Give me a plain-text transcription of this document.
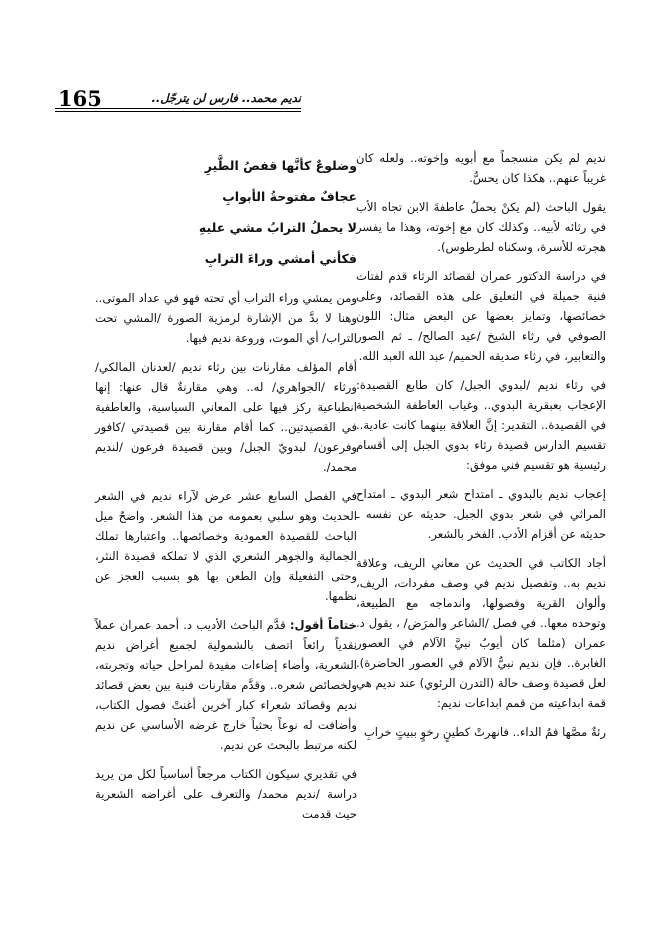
165	نديم محمد.. فارس لن يترجّل..

نديم لم يكن منسجماً مع أبويه وإخوته.. ولعله كان غريباً عنهم.. هكذا كان يحسُّ.

يقول الباحث (لم يكنْ يحملُ عاطفةَ الابن تجاه الأب في رثائه لأبيه.. وكذلك كان مع إخوته، وهذا ما يفسر هجرته للأسرة، وسكناه لطرطوس).

في دراسة الدكتور عمران لقصائد الرثاء قدم لفتات فنية جميلة في التعليق على هذه القصائد، وعلى خصائصها، وتمايز بعضها عن البعض مثال: اللون الصوفي في رثاء الشيخ /عيد الصالح/ ـ ثم الصور والتعابير، في رثاء صديقه الحميم/ عبد الله العبد الله.

في رثاء نديم /لبدوي الجبل/ كان طابع القصيدة: الإعجاب بعبقرية البدوي.. وغياب العاطفة الشخصية في القصيدة.. التقدير: إنَّ العلاقة بينهما كانت عادية.. تقسيم الدارس قصيدة رثاء بدوي الجبل إلى أقسام رئيسية هو تقسيم فني موفق:

إعجاب نديم بالبدوي ـ امتداح شعر البدوي ـ امتداح المراثي في شعر بدوي الجبل. حديثه عن نفسه ـ حديثه عن أقزام الأدب. الفخر بالشعر.

أجاد الكاتب في الحديث عن معاني الريف، وعلاقة نديم به.. وتفصيل نديم في وصف مفردات، الريف، وألوان القرية وفصولها، واندماجه مع الطبيعة، وتوحده معها.. في فصل /الشاعر والمرَض/ ، يقول د. عمران (مثلما كان أيوبُ نبيَّ الآلام في العصور الغابرة.. فإن نديم نبيُّ الآلام في العصور الحاضرة). لعل قصيدة وصف حالة (التدرن الرئوي) عند نديم هي قمة ابداعيته من قمم ابداعات نديم:

رئةٌ مصَّها فمُ الداء.. فانهرتْ كطينٍ رخوٍ ببيتٍ خرابِ

وضلوعٌ كأنَّها قفصُ الطَّيرِ
عجافٌ مفتوحةُ الأبوابِ
لا يحملُ الترابُ مشي عليهِ
فكأني أمشي وراءَ الترابِ

ومن يمشي وراء التراب أي تحته فهو في عداد الموتى.. وهنا لا بدَّ من الإشارة لرمزية الصورة /المشي تحت التراب/ أي الموت، وروعة نديم فيها.

أقام المؤلف مقارنات بين رثاء نديم /لعدنان المالكي/ ورثاء /الجواهري/ له.. وهي مقارنةٌ قال عنها: إنها انطباعية ركز فيها على المعاني السياسية، والعاطفية في القصيدتين.. كما أقام مقارنة بين قصيدتي /كافور وفرعون/ لبدويّ الجبل/ وبين قصيدة فرعون /لنديم محمد/.

في الفصل السابع عشر عرض لآراء نديم في الشعر الحديث وهو سلبي بعمومه من هذا الشعر. واضحٌ ميل الباحث للقصيدة العمودية وخصائصها.. واعتبارها تملك الجمالية والجوهر الشعري الذي لا تملكه قصيدة النثر، وحتى التفعيلة وإن الطعن بها هو بسبب العجز عن نظمها.

ختاماً أقول: قدَّم الباحث الأديب د. أحمد عمران عملاً نقدياً رائعاً اتصف بالشمولية لجميع أغراض نديم الشعرية، وأضاء إضاءات مفيدة لمراحل حياته وتجربته، ولخصائص شعره.. وقدَّم مقارنات فنية بين بعض قصائد نديم وقصائد شعراء كبار آخرين أغنتْ فصول الكتاب، وأضافت له نوعاً بحثياً خارج غرضه الأساسي عن نديم لكنه مرتبط بالبحث عن نديم.

في تقديري سيكون الكتاب مرجعاً أساسياً لكل من يريد دراسة /نديم محمد/ والتعرف على أغراضه الشعرية حيث قدمت
